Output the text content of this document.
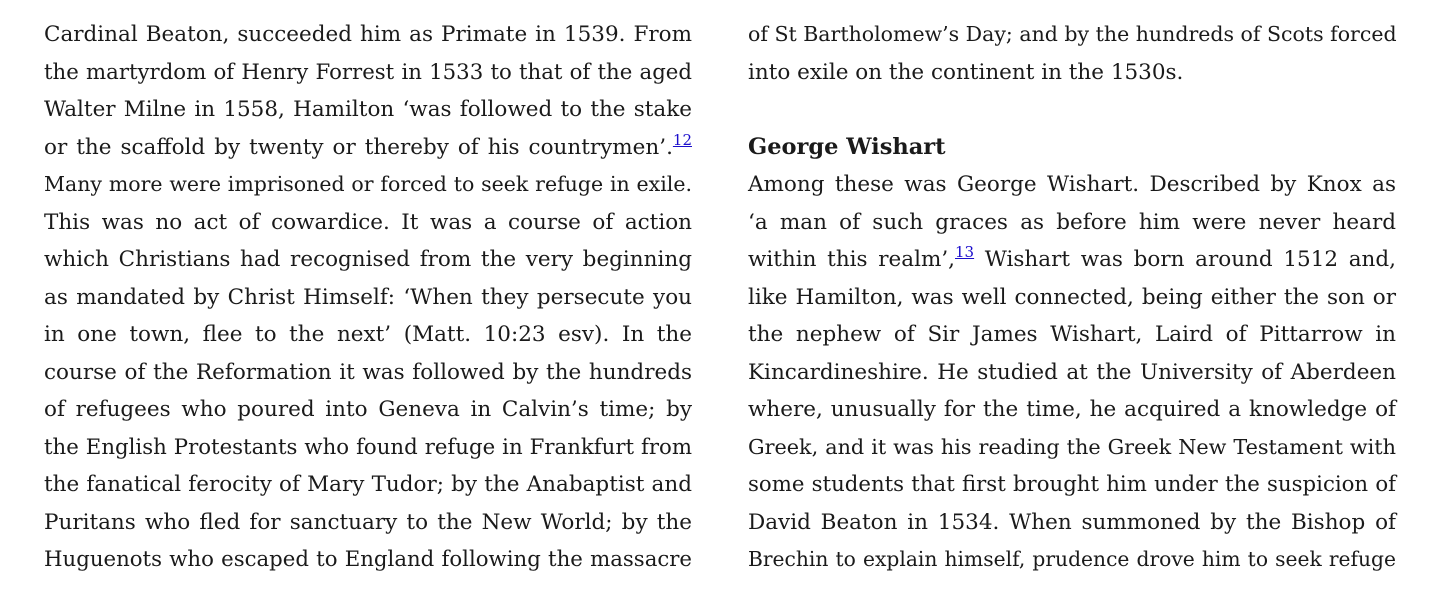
Cardinal Beaton, succeeded him as Primate in 1539. From
the martyrdom of Henry Forrest in 1533 to that of the aged
Walter Milne in 1558, Hamilton ‘was followed to the stake
or the scaffold by twenty or thereby of his countrymen’.$^{12}$
Many more were imprisoned or forced to seek refuge in exile.
This was no act of cowardice. It was a course of action
which Christians had recognised from the very beginning
as mandated by Christ Himself: ‘When they persecute you
in one town, flee to the next’ (Matt. 10:23 esv). In the
course of the Reformation it was followed by the hundreds
of refugees who poured into Geneva in Calvin’s time; by
the English Protestants who found refuge in Frankfurt from
the fanatical ferocity of Mary Tudor; by the Anabaptist and
Puritans who fled for sanctuary to the New World; by the
Huguenots who escaped to England following the massacre
of St Bartholomew’s Day; and by the hundreds of Scots forced
into exile on the continent in the 1530s.
George Wishart
Among these was George Wishart. Described by Knox as
‘a man of such graces as before him were never heard
within this realm’,$^{13}$ Wishart was born around 1512 and,
like Hamilton, was well connected, being either the son or
the nephew of Sir James Wishart, Laird of Pittarrow in
Kincardineshire. He studied at the University of Aberdeen
where, unusually for the time, he acquired a knowledge of
Greek, and it was his reading the Greek New Testament with
some students that first brought him under the suspicion of
David Beaton in 1534. When summoned by the Bishop of
Brechin to explain himself, prudence drove him to seek refuge
